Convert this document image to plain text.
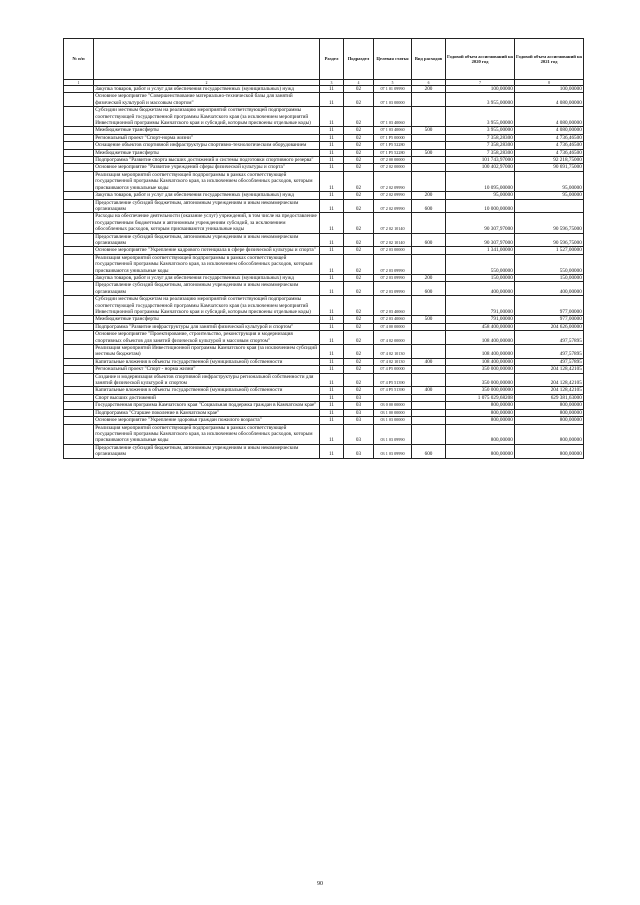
№ п/п		Раздел	Подраздел	Целевая статья	Вид расходов	Годовой объем ассигнований на 2020 год	Годовой объем ассигнований на 2021 год
1	2	3	4	5	6	7	8
	Закупка товаров, работ и услуг для обеспечения государственных (муниципальных) нужд	11	02	07 1 01 09990	200	100,00000	100,00000
	Основное мероприятие "Совершенствование материально-технической базы для занятий физической культурой и массовым спортом"	11	02	07 1 03 00000		3 955,00000	4 080,00000
	Субсидии местным бюджетам на реализацию мероприятий соответствующей подпрограммы соответствующей государственной программы Камчатского края (за исключением мероприятий Инвестиционной программы Камчатского края и субсидий, которым присвоены отдельные коды)	11	02	07 1 03 40060		3 955,00000	4 080,00000
	Межбюджетные трансферты	11	02	07 1 03 40060	500	3 955,00000	4 080,00000
	Региональный проект "Спорт-норма жизни"	11	02	07 1 P5 00000		7 358,28300	4 736,46500
	Оснащение объектов спортивной инфраструктуры спортивно-технологическим оборудованием	11	02	07 1 P5 52280		7 358,28300	4 736,46500
	Межбюджетные трансферты	11	02	07 1 P5 52280	500	7 358,28300	4 736,46500
	Подпрограмма "Развитие спорта высших достижений и системы подготовки спортивного резерва"	11	02	07 2 00 00000		101 743,97000	92 218,75000
	Основное мероприятие "Развитие учреждений сферы физической культуры и спорта"	11	02	07 2 02 00000		100 402,97000	90 691,75000
	Реализация мероприятий соответствующей подпрограммы в рамках соответствующей государственной программы Камчатского края, за исключением обособленных расходов, которым присваиваются уникальные коды	11	02	07 2 02 09990		10 095,00000	95,00000
	Закупка товаров, работ и услуг для обеспечения государственных (муниципальных) нужд	11	02	07 2 02 09990	200	95,00000	95,00000
	Предоставление субсидий бюджетным, автономным учреждениям и иным некоммерческим организациям	11	02	07 2 02 09990	600	10 000,00000	
	Расходы на обеспечение деятельности (оказание услуг) учреждений, в том числе на предоставление государственным бюджетным и автономным учреждениям субсидий, за исключением обособленных расходов, которым присваиваются уникальные коды	11	02	07 2 02 10140		90 307,97000	90 596,75000
	Предоставление субсидий бюджетным, автономным учреждениям и иным некоммерческим организациям	11	02	07 2 02 10140	600	90 307,97000	90 596,75000
	Основное мероприятие "Укрепление кадрового потенциала в сфере физической культуры и спорта"	11	02	07 2 03 00000		1 341,00000	1 527,00000
	Реализация мероприятий соответствующей подпрограммы в рамках соответствующей государственной программы Камчатского края, за исключением обособленных расходов, которым присваиваются уникальные коды	11	02	07 2 03 09990		550,00000	550,00000
	Закупка товаров, работ и услуг для обеспечения государственных (муниципальных) нужд	11	02	07 2 03 09990	200	150,00000	150,00000
	Предоставление субсидий бюджетным, автономным учреждениям и иным некоммерческим организациям	11	02	07 2 03 09990	600	400,00000	400,00000
	Субсидии местным бюджетам на реализацию мероприятий соответствующей подпрограммы соответствующей государственной программы Камчатского края (за исключением мероприятий Инвестиционной программы Камчатского края и субсидий, которым присвоены отдельные коды)	11	02	07 2 03 40060		791,00000	977,00000
	Межбюджетные трансферты	11	02	07 2 03 40060	500	791,00000	977,00000
	Подпрограмма "Развитие инфраструктуры для занятий физической культурой и спортом"	11	02	07 4 00 00000		458 400,00000	204 626,00000
	Основное мероприятие "Проектирование, строительство, реконструкция и модернизация спортивных объектов для занятий физической культурой и массовым спортом"	11	02	07 4 02 00000		108 400,00000	497,57895
	Реализация мероприятий Инвестиционной программы Камчатского края (за исключением субсидий местным бюджетам)	11	02	07 4 02 10130		108 400,00000	497,57895
	Капитальные вложения в объекты государственной (муниципальной) собственности	11	02	07 4 02 10130	400	108 400,00000	497,57895
	Региональный проект "Спорт - норма жизни"	11	02	07 4 P5 00000		350 000,00000	204 128,42105
	Создание и модернизация объектов спортивной инфраструктуры региональной собственности для занятий физической культурой и спортом	11	02	07 4 P5 51390		350 000,00000	204 128,42105
	Капитальные вложения в объекты государственной (муниципальной) собственности	11	02	07 4 P5 51390	400	350 000,00000	204 128,42105
	Спорт высших достижений	11	03			1 075 029,68208	629 381,63000
	Государственная программа Камчатского края "Социальная поддержка граждан в Камчатском крае"	11	03	03 0 00 00000		800,00000	800,00000
	Подпрограмма "Старшее поколение в Камчатском крае"	11	03	03 1 00 00000		800,00000	800,00000
	Основное мероприятие "Укрепление здоровья граждан пожилого возраста"	11	03	03 1 03 00000		800,00000	800,00000
	Реализация мероприятий соответствующей подпрограммы в рамках соответствующей государственной программы Камчатского края, за исключением обособленных расходов, которым присваиваются уникальные коды	11	03	03 1 03 09990		800,00000	800,00000
	Предоставление субсидий бюджетным, автономным учреждениям и иным некоммерческим организациям	11	03	03 1 03 09990	600	800,00000	800,00000
90
